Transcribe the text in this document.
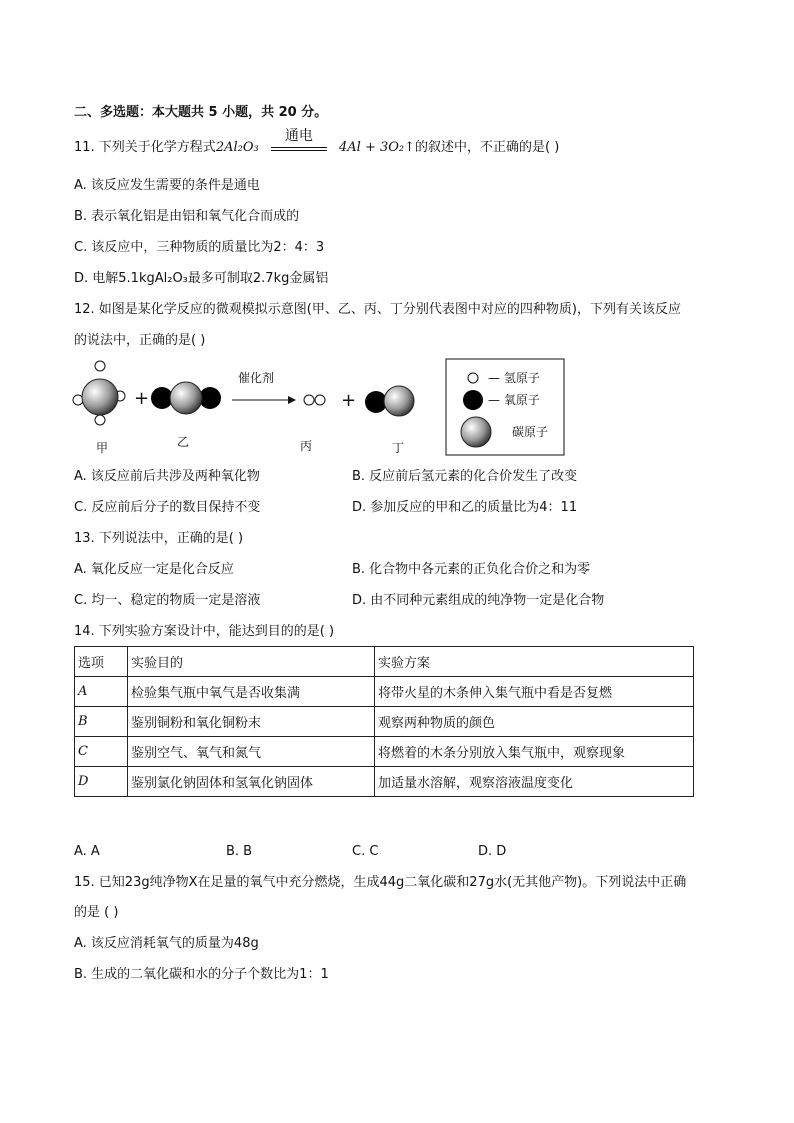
二、多选题：本大题共 5 小题，共 20 分。
11. 下列关于化学方程式2Al₂O₃
通电
4Al + 3O₂↑的叙述中，不正确的是( )
A. 该反应发生需要的条件是通电
B. 表示氧化铝是由铝和氧气化合而成的
C. 该反应中，三种物质的质量比为2：4：3
D. 电解5.1kgAl₂O₃最多可制取2.7kg金属铝
12. 如图是某化学反应的微观模拟示意图(甲、乙、丙、丁分别代表图中对应的四种物质)，下列有关该反应
的说法中，正确的是( )
+
催化剂
+
甲	乙	丙	丁
— 氢原子
— 氧原子
碳原子
A. 该反应前后共涉及两种氧化物	B. 反应前后氢元素的化合价发生了改变
C. 反应前后分子的数目保持不变	D. 参加反应的甲和乙的质量比为4：11
13. 下列说法中，正确的是( )
A. 氧化反应一定是化合反应	B. 化合物中各元素的正负化合价之和为零
C. 均一、稳定的物质一定是溶液	D. 由不同种元素组成的纯净物一定是化合物
14. 下列实验方案设计中，能达到目的的是( )
选项	实验目的	实验方案
A	检验集气瓶中氧气是否收集满	将带火星的木条伸入集气瓶中看是否复燃
B	鉴别铜粉和氧化铜粉末	观察两种物质的颜色
C	鉴别空气、氧气和氮气	将燃着的木条分别放入集气瓶中，观察现象
D	鉴别氯化钠固体和氢氧化钠固体	加适量水溶解，观察溶液温度变化
A. A	B. B	C. C	D. D
15. 已知23g纯净物X在足量的氧气中充分燃烧，生成44g二氧化碳和27g水(无其他产物)。下列说法中正确
的是 ( )
A. 该反应消耗氧气的质量为48g
B. 生成的二氧化碳和水的分子个数比为1：1
